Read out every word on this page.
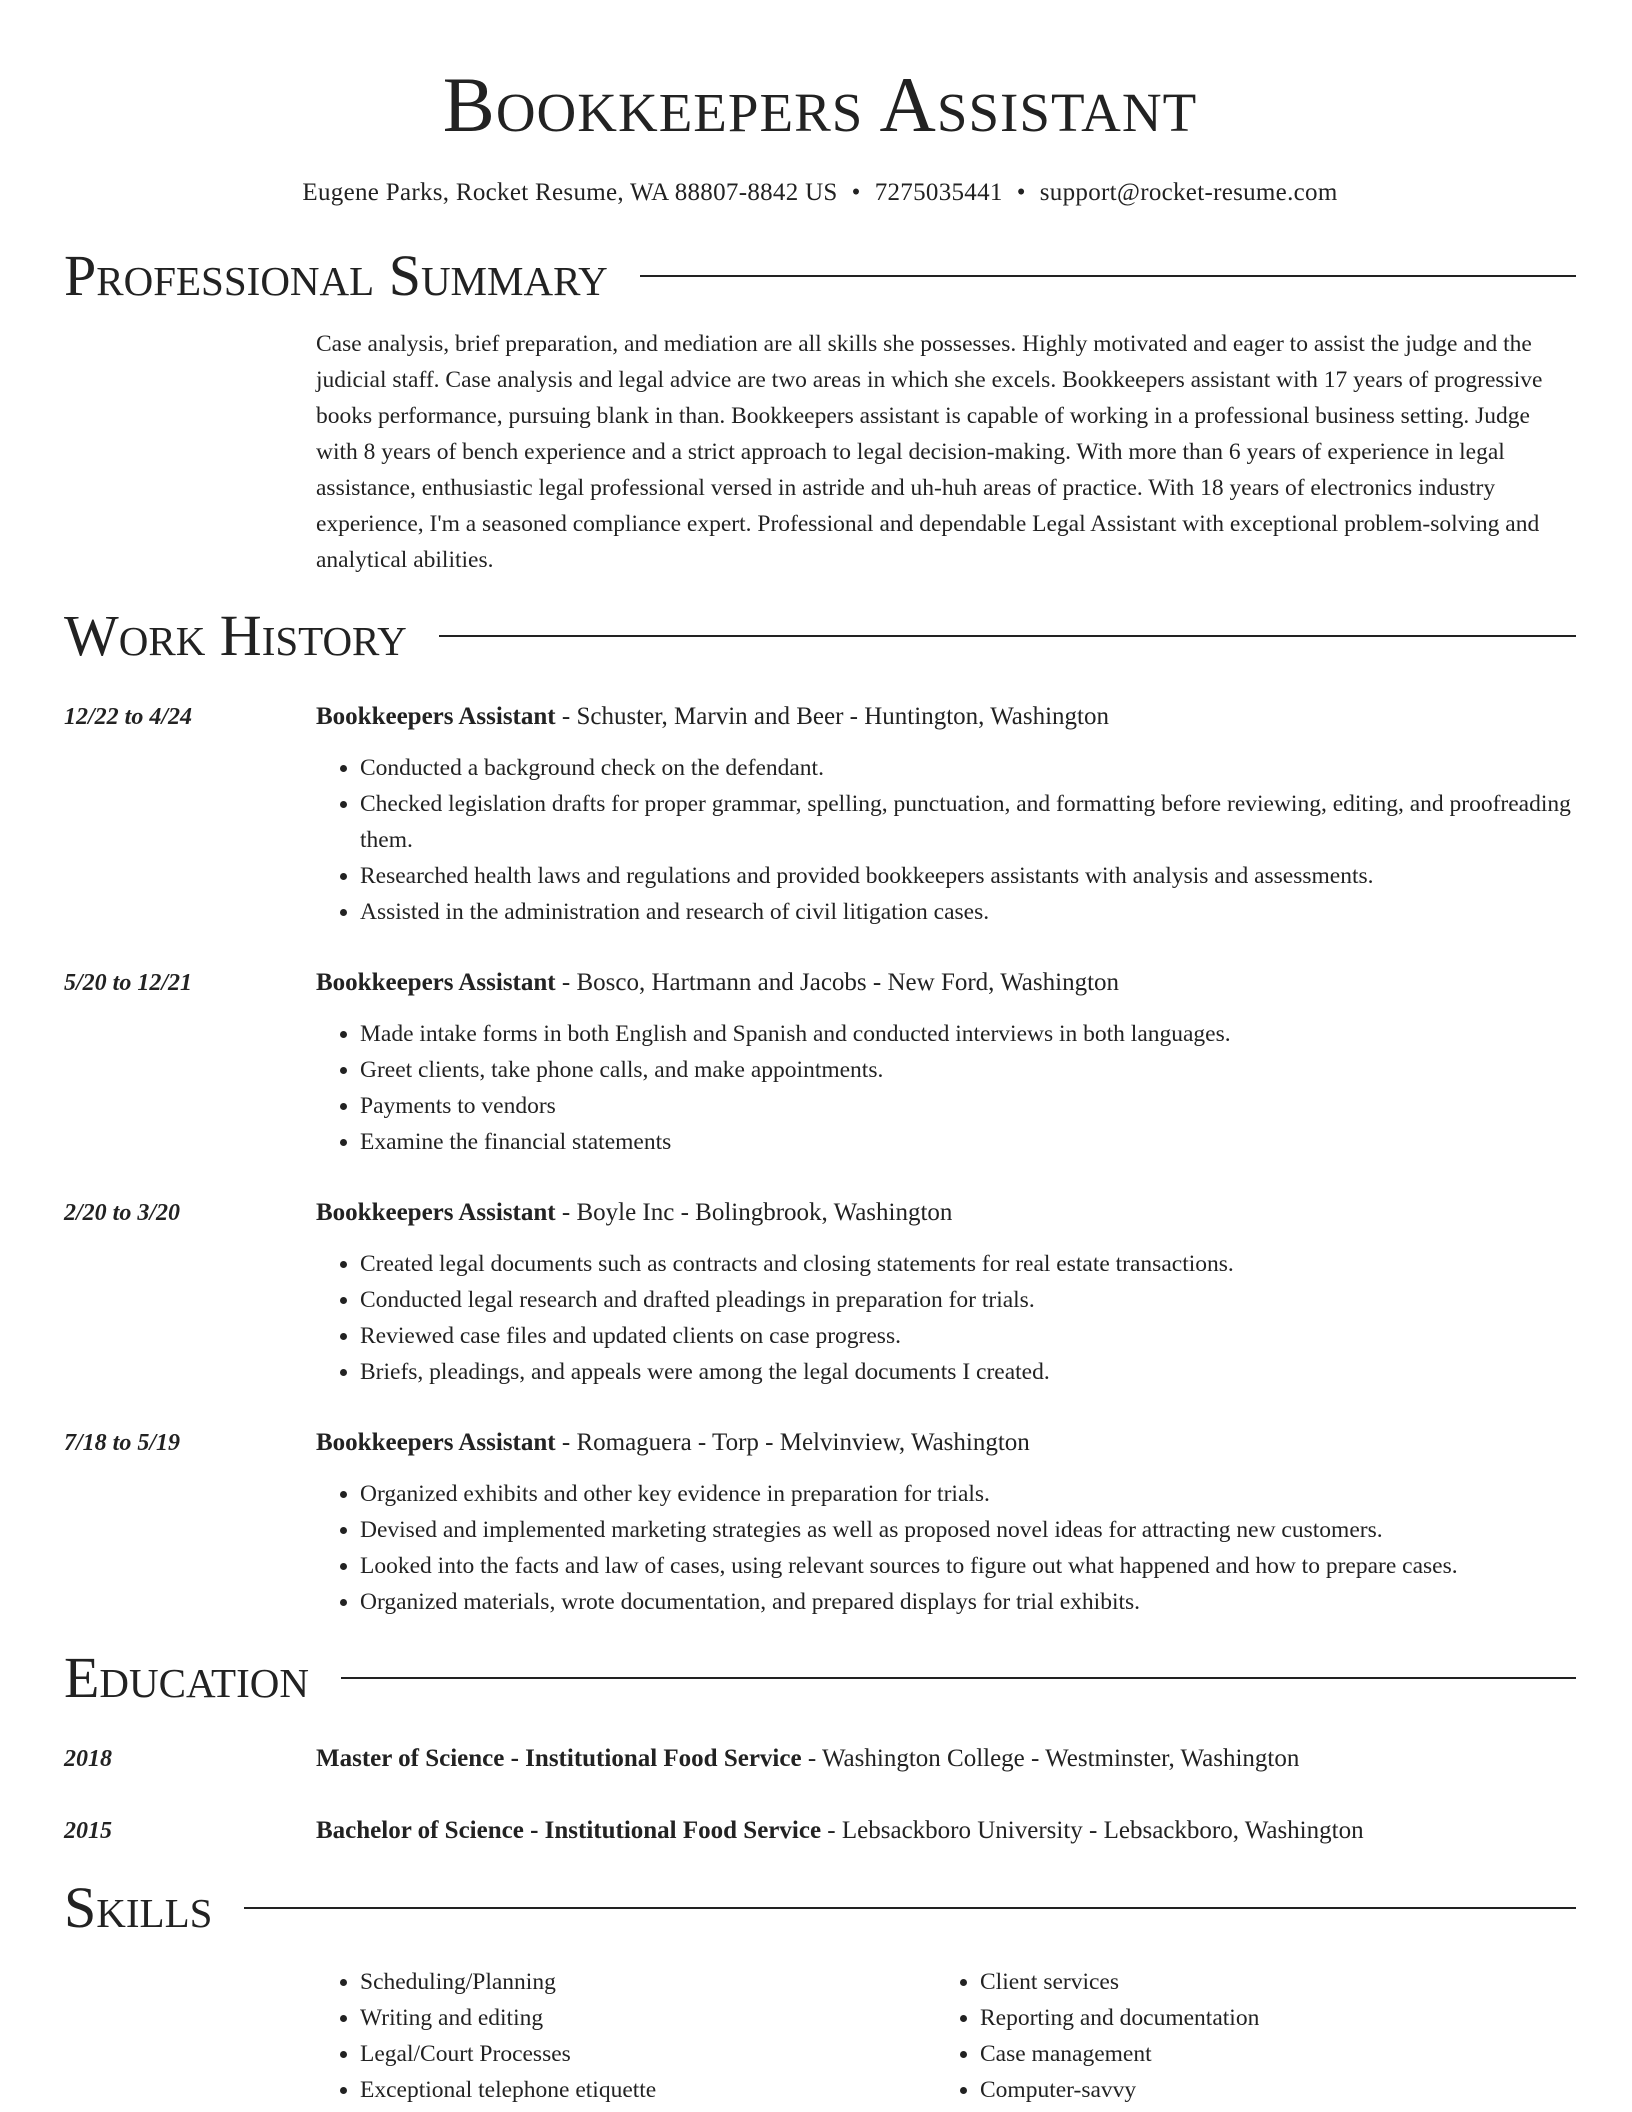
Bookkeepers Assistant
Eugene Parks, Rocket Resume, WA 88807-8842 US • 7275035441 • support@rocket-resume.com
Professional Summary
Case analysis, brief preparation, and mediation are all skills she possesses. Highly motivated and eager to assist the judge and the judicial staff. Case analysis and legal advice are two areas in which she excels. Bookkeepers assistant with 17 years of progressive books performance, pursuing blank in than. Bookkeepers assistant is capable of working in a professional business setting. Judge with 8 years of bench experience and a strict approach to legal decision-making. With more than 6 years of experience in legal assistance, enthusiastic legal professional versed in astride and uh-huh areas of practice. With 18 years of electronics industry experience, I'm a seasoned compliance expert. Professional and dependable Legal Assistant with exceptional problem-solving and analytical abilities.
Work History
12/22 to 4/24	Bookkeepers Assistant - Schuster, Marvin and Beer - Huntington, Washington
• Conducted a background check on the defendant.
• Checked legislation drafts for proper grammar, spelling, punctuation, and formatting before reviewing, editing, and proofreading them.
• Researched health laws and regulations and provided bookkeepers assistants with analysis and assessments.
• Assisted in the administration and research of civil litigation cases.
5/20 to 12/21	Bookkeepers Assistant - Bosco, Hartmann and Jacobs - New Ford, Washington
• Made intake forms in both English and Spanish and conducted interviews in both languages.
• Greet clients, take phone calls, and make appointments.
• Payments to vendors
• Examine the financial statements
2/20 to 3/20	Bookkeepers Assistant - Boyle Inc - Bolingbrook, Washington
• Created legal documents such as contracts and closing statements for real estate transactions.
• Conducted legal research and drafted pleadings in preparation for trials.
• Reviewed case files and updated clients on case progress.
• Briefs, pleadings, and appeals were among the legal documents I created.
7/18 to 5/19	Bookkeepers Assistant - Romaguera - Torp - Melvinview, Washington
• Organized exhibits and other key evidence in preparation for trials.
• Devised and implemented marketing strategies as well as proposed novel ideas for attracting new customers.
• Looked into the facts and law of cases, using relevant sources to figure out what happened and how to prepare cases.
• Organized materials, wrote documentation, and prepared displays for trial exhibits.
Education
2018	Master of Science - Institutional Food Service - Washington College - Westminster, Washington
2015	Bachelor of Science - Institutional Food Service - Lebsackboro University - Lebsackboro, Washington
Skills
• Scheduling/Planning
• Writing and editing
• Legal/Court Processes
• Exceptional telephone etiquette
• Client services
• Reporting and documentation
• Case management
• Computer-savvy
